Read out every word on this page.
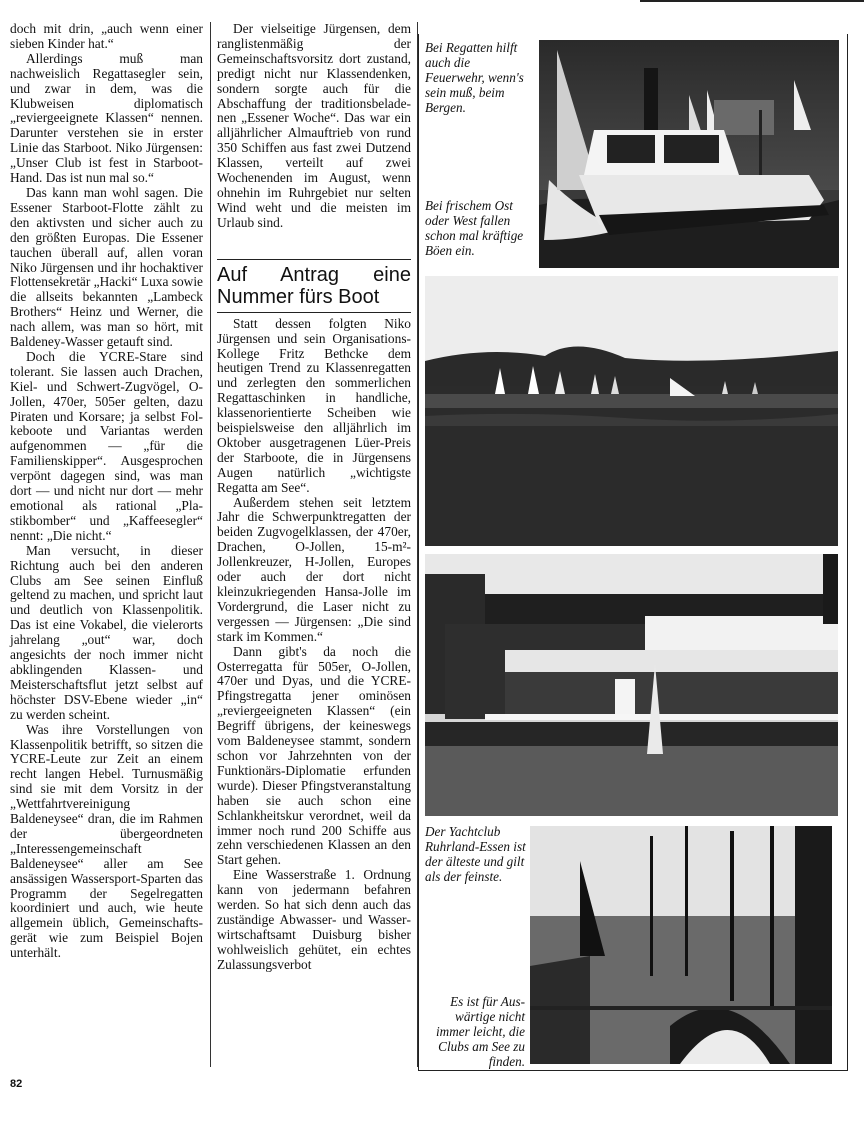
doch mit drin, „auch wenn einer sieben Kinder hat.“

Allerdings muß man nachweislich Regattasegler sein, und zwar in dem, was die Klubweisen diplomatisch „reviergeeignete Klassen“ nennen. Darunter verstehen sie in erster Linie das Starboot. Niko Jürgensen: „Unser Club ist fest in Starboot-Hand. Das ist nun mal so.“

Das kann man wohl sagen. Die Essener Starboot-Flotte zählt zu den aktivsten und sicher auch zu den größten Europas. Die Essener tauchen überall auf, allen voran Niko Jürgensen und ihr hochaktiver Flottensekretär „Hacki“ Luxa sowie die allseits bekannten „Lambeck Brothers“ Heinz und Werner, die nach allem, was man so hört, mit Baldeney-Wasser getauft sind.

Doch die YCRE-Stare sind tolerant. Sie lassen auch Drachen, Kiel- und Schwert-Zugvögel, O-Jollen, 470er, 505er gelten, dazu Piraten und Korsare; ja selbst Folkeboote und Variantas werden aufgenommen — „für die Familienskipper“. Ausgesprochen verpönt dagegen sind, was man dort — und nicht nur dort — mehr emotional als rational „Plastikbomber“ und „Kaffeesegler“ nennt: „Die nicht.“

Man versucht, in dieser Richtung auch bei den anderen Clubs am See seinen Einfluß geltend zu machen, und spricht laut und deutlich von Klassenpolitik. Das ist eine Vokabel, die vielerorts jahrelang „out“ war, doch angesichts der noch immer nicht abklingenden Klassen- und Meisterschaftsflut jetzt selbst auf höchster DSV-Ebene wieder „in“ zu werden scheint.

Was ihre Vorstellungen von Klassenpolitik betrifft, so sitzen die YCRE-Leute zur Zeit an einem recht langen Hebel. Turnusmäßig sind sie mit dem Vorsitz in der „Wettfahrtvereinigung Baldeneysee“ dran, die im Rahmen der übergeordneten „Interessengemeinschaft Baldeneysee“ aller am See ansässigen Wassersport-Sparten das Programm der Segelregatten koordiniert und auch, wie heute allgemein üblich, Gemeinschaftsgerät wie zum Beispiel Bojen unterhält.

Der vielseitige Jürgensen, dem ranglistenmäßig der Gemeinschaftsvorsitz dort zustand, predigt nicht nur Klassendenken, sondern sorgte auch für die Abschaffung der traditionsbeladenen „Essener Woche“. Das war ein alljährlicher Almauftrieb von rund 350 Schiffen aus fast zwei Dutzend Klassen, verteilt auf zwei Wochenenden im August, wenn ohnehin im Ruhrgebiet nur selten Wind weht und die meisten im Urlaub sind.

Auf Antrag eine Nummer fürs Boot

Statt dessen folgten Niko Jürgensen und sein Organisations-Kollege Fritz Bethcke dem heutigen Trend zu Klassenregatten und zerlegten den sommerlichen Regattaschinken in handliche, klassenorientierte Scheiben wie beispielsweise den alljährlich im Oktober ausgetragenen Lüer-Preis der Starboote, die in Jürgensens Augen natürlich „wichtigste Regatta am See“.

Außerdem stehen seit letztem Jahr die Schwerpunktregatten der beiden Zugvogelklassen, der 470er, Drachen, O-Jollen, 15-m²-Jollenkreuzer, H-Jollen, Europes oder auch der dort nicht kleinzukriegenden Hansa-Jolle im Vordergrund, die Laser nicht zu vergessen — Jürgensen: „Die sind stark im Kommen.“

Dann gibt's da noch die Osterregatta für 505er, O-Jollen, 470er und Dyas, und die YCRE-Pfingstregatta jener ominösen „reviergeeigneten Klassen“ (ein Begriff übrigens, der keineswegs vom Baldeneysee stammt, sondern schon vor Jahrzehnten von der Funktionärs-Diplomatie erfunden wurde). Dieser Pfingstveranstaltung haben sie auch schon eine Schlankheitskur verordnet, weil da immer noch rund 200 Schiffe aus zehn verschiedenen Klassen an den Start gehen.

Eine Wasserstraße 1. Ordnung kann von jedermann befahren werden. So hat sich denn auch das zuständige Abwasser- und Wasserwirtschaftsamt Duisburg bisher wohlweislich gehütet, ein echtes Zulassungsverbot

Bei Regatten hilft auch die Feuerwehr, wenn's sein muß, beim Bergen.
Bei frischem Ost oder West fallen schon mal kräftige Böen ein.
Der Yachtclub Ruhrland-Essen ist der älteste und gilt als der feinste.
Es ist für Auswärtige nicht immer leicht, die Clubs am See zu finden.
82
